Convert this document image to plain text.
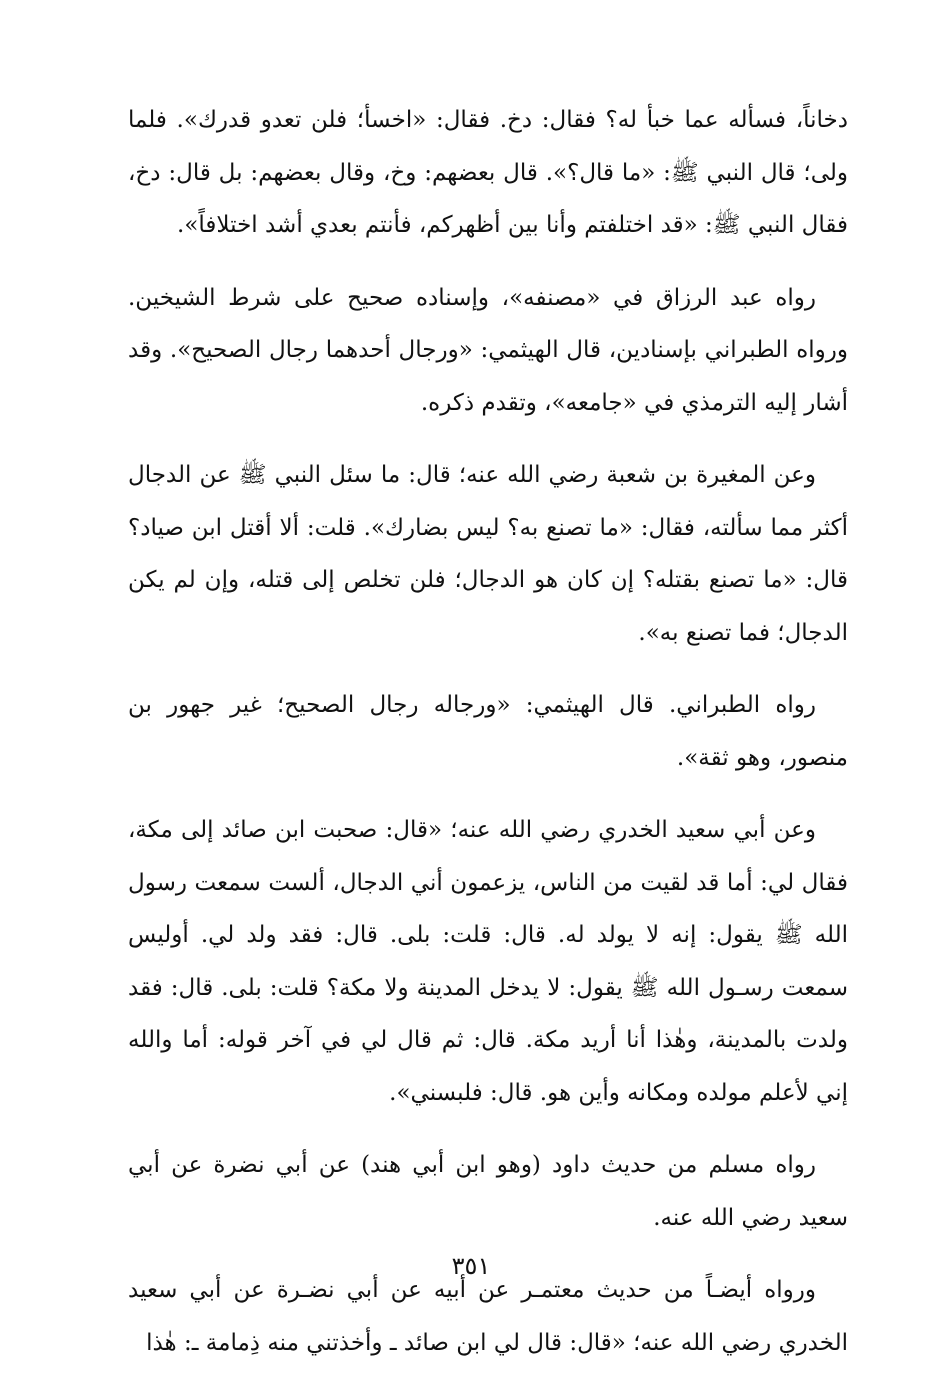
دخاناً، فسأله عما خبأ له؟ فقال: دخ. فقال: «اخسأ؛ فلن تعدو قدرك». فلما ولى؛ قال النبي ﷺ: «ما قال؟». قال بعضهم: وخ، وقال بعضهم: بل قال: دخ، فقال النبي ﷺ: «قد اختلفتم وأنا بين أظهركم، فأنتم بعدي أشد اختلافاً».

رواه عبد الرزاق في «مصنفه»، وإسناده صحيح على شرط الشيخين. ورواه الطبراني بإسنادين، قال الهيثمي: «ورجال أحدهما رجال الصحيح». وقد أشار إليه الترمذي في «جامعه»، وتقدم ذكره.

وعن المغيرة بن شعبة رضي الله عنه؛ قال: ما سئل النبي ﷺ عن الدجال أكثر مما سألته، فقال: «ما تصنع به؟ ليس بضارك». قلت: ألا أقتل ابن صياد؟ قال: «ما تصنع بقتله؟ إن كان هو الدجال؛ فلن تخلص إلى قتله، وإن لم يكن الدجال؛ فما تصنع به».

رواه الطبراني. قال الهيثمي: «ورجاله رجال الصحيح؛ غير جهور بن منصور، وهو ثقة».

وعن أبي سعيد الخدري رضي الله عنه؛ «قال: صحبت ابن صائد إلى مكة، فقال لي: أما قد لقيت من الناس، يزعمون أني الدجال، ألست سمعت رسول الله ﷺ يقول: إنه لا يولد له. قال: قلت: بلى. قال: فقد ولد لي. أوليس سمعت رسـول الله ﷺ يقول: لا يدخل المدينة ولا مكة؟ قلت: بلى. قال: فقد ولدت بالمدينة، وهٰذا أنا أريد مكة. قال: ثم قال لي في آخر قوله: أما والله إني لأعلم مولده ومكانه وأين هو. قال: فلبسني».

رواه مسلم من حديث داود (وهو ابن أبي هند) عن أبي نضرة عن أبي سعيد رضي الله عنه.

ورواه أيضـاً من حديث معتمـر عن أبيه عن أبي نضـرة عن أبي سعيد الخدري رضي الله عنه؛ «قال: قال لي ابن صائد ـ وأخذتني منه ذِمامة ـ: هٰذا

٣٥١
